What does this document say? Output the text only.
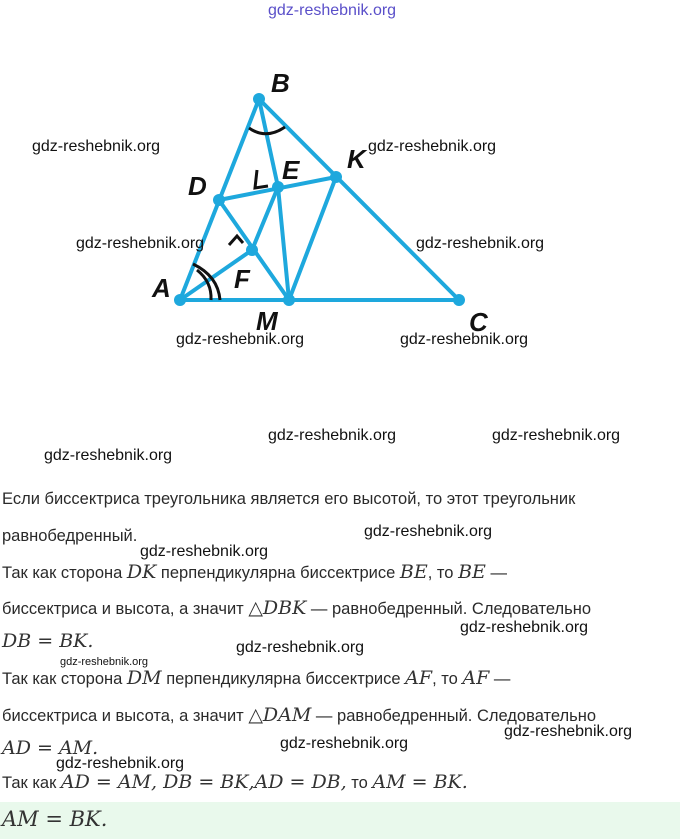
gdz-reshebnik.org
B
K
E
D
F
A
M	C
gdz-reshebnik.org	gdz-reshebnik.org
gdz-reshebnik.org	gdz-reshebnik.org
gdz-reshebnik.org	gdz-reshebnik.org
gdz-reshebnik.org	gdz-reshebnik.org
gdz-reshebnik.org
gdz-reshebnik.org
gdz-reshebnik.org
gdz-reshebnik.org
gdz-reshebnik.org
gdz-reshebnik.org
gdz-reshebnik.org
gdz-reshebnik.org
gdz-reshebnik.org
Если биссектриса треугольника является его высотой, то этот треугольник
равнобедренный.
Так как сторона DK перпендикулярна биссектрисе BE, то BE —
биссектриса и высота, а значит △DBK — равнобедренный. Следовательно
DB = BK.
Так как сторона DM перпендикулярна биссектрисе AF, то AF —
биссектриса и высота, а значит △DAM — равнобедренный. Следовательно
AD = AM.
Так как AD = AM, DB = BK,AD = DB, то AM = BK.
AM = BK.
